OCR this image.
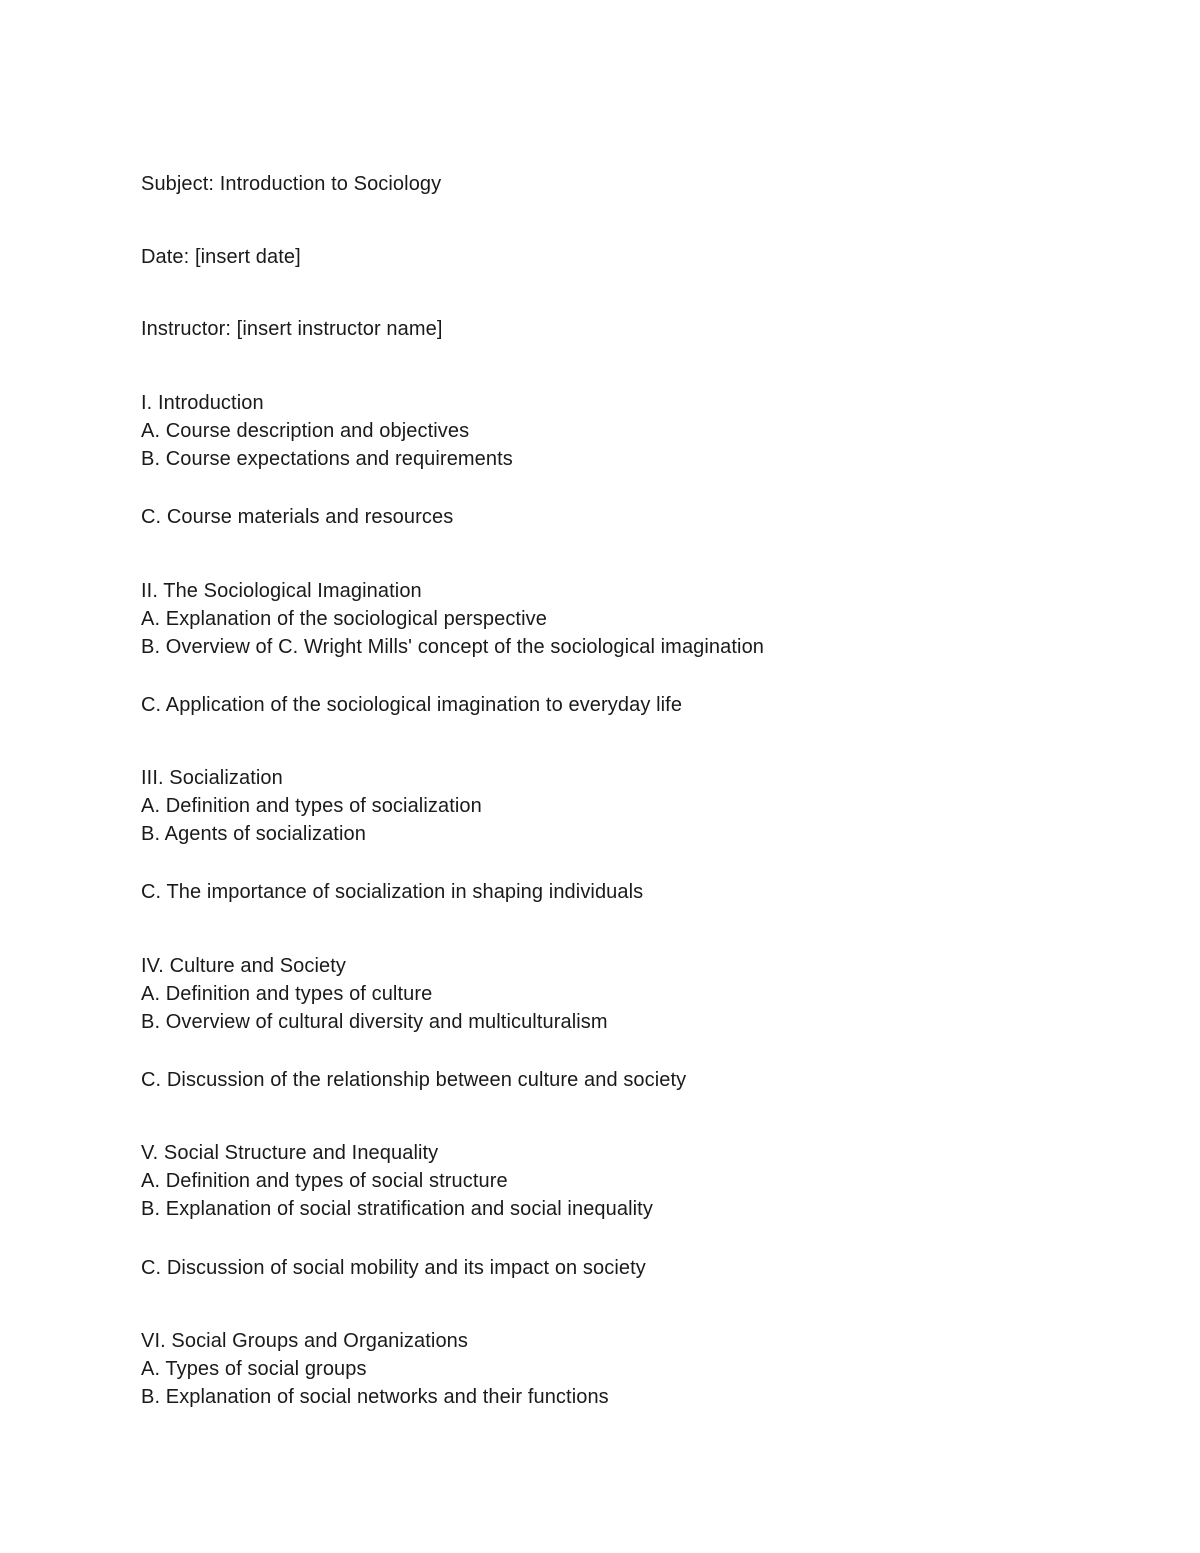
Subject: Introduction to Sociology
Date: [insert date]
Instructor: [insert instructor name]
I. Introduction
A. Course description and objectives
B. Course expectations and requirements
C. Course materials and resources
II. The Sociological Imagination
A. Explanation of the sociological perspective
B. Overview of C. Wright Mills' concept of the sociological imagination
C. Application of the sociological imagination to everyday life
III. Socialization
A. Definition and types of socialization
B. Agents of socialization
C. The importance of socialization in shaping individuals
IV. Culture and Society
A. Definition and types of culture
B. Overview of cultural diversity and multiculturalism
C. Discussion of the relationship between culture and society
V. Social Structure and Inequality
A. Definition and types of social structure
B. Explanation of social stratification and social inequality
C. Discussion of social mobility and its impact on society
VI. Social Groups and Organizations
A. Types of social groups
B. Explanation of social networks and their functions
